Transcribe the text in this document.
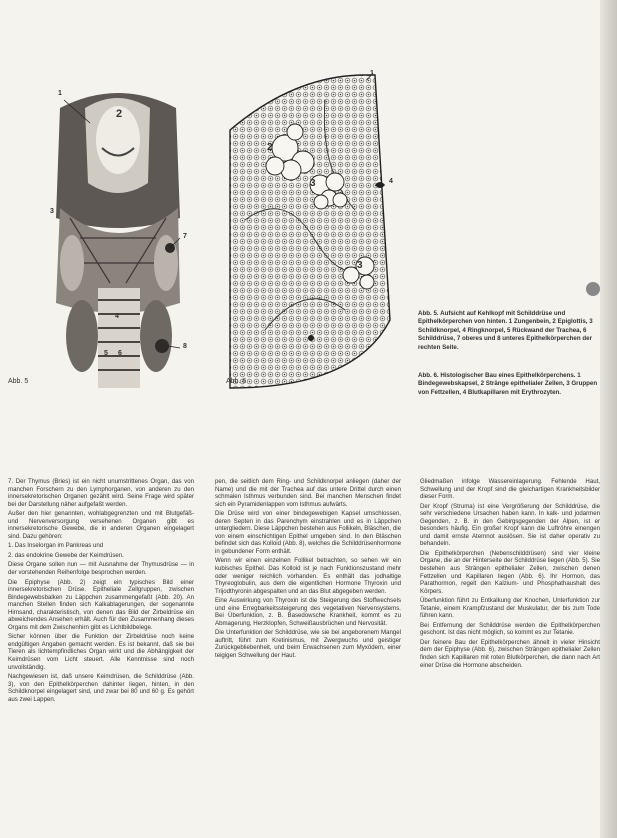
1
2
3
4
5 6
7
8
Abb. 5
1
2
3
3
4
Abb. 6
Abb. 5. Aufsicht auf Kehlkopf mit Schilddrüse und Epithelkörperchen von hinten. 1 Zungenbein, 2 Epiglottis, 3 Schildknorpel, 4 Ringknorpel, 5 Rückwand der Trachea, 6 Schilddrüse, 7 oberes und 8 unteres Epithelkörperchen der rechten Seite.
Abb. 6. Histologischer Bau eines Epithelkörperchens. 1 Bindegewebskapsel, 2 Stränge epithelialer Zellen, 3 Gruppen von Fettzellen, 4 Blutkapillaren mit Erythrozyten.

7. Der Thymus (Bries) ist ein nicht unumstrittenes Organ, das von manchen Forschern zu den Lymphorganen, von anderen zu den innersekretorischen Organen gezählt wird. Seine Frage wird später bei der Darstellung näher aufgefaßt werden.

Außer den hier genannten, wohlabgegrenzten und mit Blutgefäß- und Nervenversorgung versehenen Organen gibt es innersekretorische Gewebe, die in anderen Organen eingelagert sind. Dazu gehören:

1. Das Inselorgan im Pankreas und

2. das endokrine Gewebe der Keimdrüsen.

Diese Organe sollen nun — mit Ausnahme der Thymusdrüse — in der vorstehenden Reihenfolge besprochen werden.

Die Epiphyse (Abb. 2) zeigt ein typisches Bild einer innersekretorischen Drüse. Epitheliale Zellgruppen, zwischen Bindegewebsbalken zu Läppchen zusammengefaßt (Abb. 20). An manchen Stellen finden sich Kalkablagerungen, der sogenannte Hirnsand, charakteristisch, von denen das Bild der Zirbeldrüse ein abweichendes Ansehen erhält. Auch für den Zusammenhang dieses Organs mit dem Zwischenhirn gibt es Lichtbildbelege.

Sicher können über die Funktion der Zirbeldrüse noch keine endgültigen Angaben gemacht werden. Es ist bekannt, daß sie bei Tieren als lichtempfindliches Organ wirkt und die Abhängigkeit der Keimdrüsen vom Licht steuert. Alle Kenntnisse sind noch unvollständig.

Nachgewiesen ist, daß unsere Keimdrüsen, die Schilddrüse (Abb. 3), von den Epithelkörperchen dahinter liegen, hinten, in den Schildknorpel eingelagert sind, und zwar bei 80 und 60 g. Es gehört aus zwei Lappen.

pen, die seitlich dem Ring- und Schildknorpel anliegen (daher der Name) und die mit der Trachea auf das untere Drittel durch einen schmalen Isthmus verbunden sind. Bei manchen Menschen findet sich ein Pyramidenlappen vom Isthmus aufwärts.

Die Drüse wird von einer bindegewebigen Kapsel umschlossen, deren Septen in das Parenchym einstrahlen und es in Läppchen untergliedern. Diese Läppchen bestehen aus Follikeln, Bläschen, die von einem einschichtigen Epithel umgeben sind. In den Bläschen befindet sich das Kolloid (Abb. 8), welches die Schilddrüsenhormone in gebundener Form enthält.

Wenn wir einen einzelnen Follikel betrachten, so sehen wir ein kubisches Epithel. Das Kolloid ist je nach Funktionszustand mehr oder weniger reichlich vorhanden. Es enthält das jodhaltige Thyreoglobulin, aus dem die eigentlichen Hormone Thyroxin und Trijodthyronin abgespalten und an das Blut abgegeben werden.

Eine Auswirkung von Thyroxin ist die Steigerung des Stoffwechsels und eine Erregbarkeitssteigerung des vegetativen Nervensystems. Bei Überfunktion, z. B. Basedowsche Krankheit, kommt es zu Abmagerung, Herzklopfen, Schweißausbrüchen und Nervosität.

Die Unterfunktion der Schilddrüse, wie sie bei angeborenem Mangel auftritt, führt zum Kretinismus, mit Zwergwuchs und geistiger Zurückgebliebenheit, und beim Erwachsenen zum Myxödem, einer teigigen Schwellung der Haut.

Gliedmaßen infolge Wassereinlagerung. Fehlende Haut, Schwellung und der Kropf sind die gleichartigen Krankheitsbilder dieser Form.

Der Kropf (Struma) ist eine Vergrößerung der Schilddrüse, die sehr verschiedene Ursachen haben kann. In kalk- und jodarmen Gegenden, z. B. in den Gebirgsgegenden der Alpen, ist er besonders häufig. Ein großer Kropf kann die Luftröhre einengen und damit ernste Atemnot auslösen. Sie ist daher operativ zu behandeln.

Die Epithelkörperchen (Nebenschilddrüsen) sind vier kleine Organe, die an der Hinterseite der Schilddrüse liegen (Abb. 5). Sie bestehen aus Strängen epithelialer Zellen, zwischen denen Fettzellen und Kapillaren liegen (Abb. 6). Ihr Hormon, das Parathormon, regelt den Kalzium- und Phosphathaushalt des Körpers.

Überfunktion führt zu Entkalkung der Knochen, Unterfunktion zur Tetanie, einem Krampfzustand der Muskulatur, der bis zum Tode führen kann.

Bei Entfernung der Schilddrüse werden die Epithelkörperchen geschont. Ist das nicht möglich, so kommt es zur Tetanie.

Der feinere Bau der Epithelkörperchen ähnelt in vieler Hinsicht dem der Epiphyse (Abb. 6), zwischen Strängen epithelialer Zellen finden sich Kapillaren mit roten Blutkörperchen, die dann nach Art einer Drüse die Hormone abscheiden.
